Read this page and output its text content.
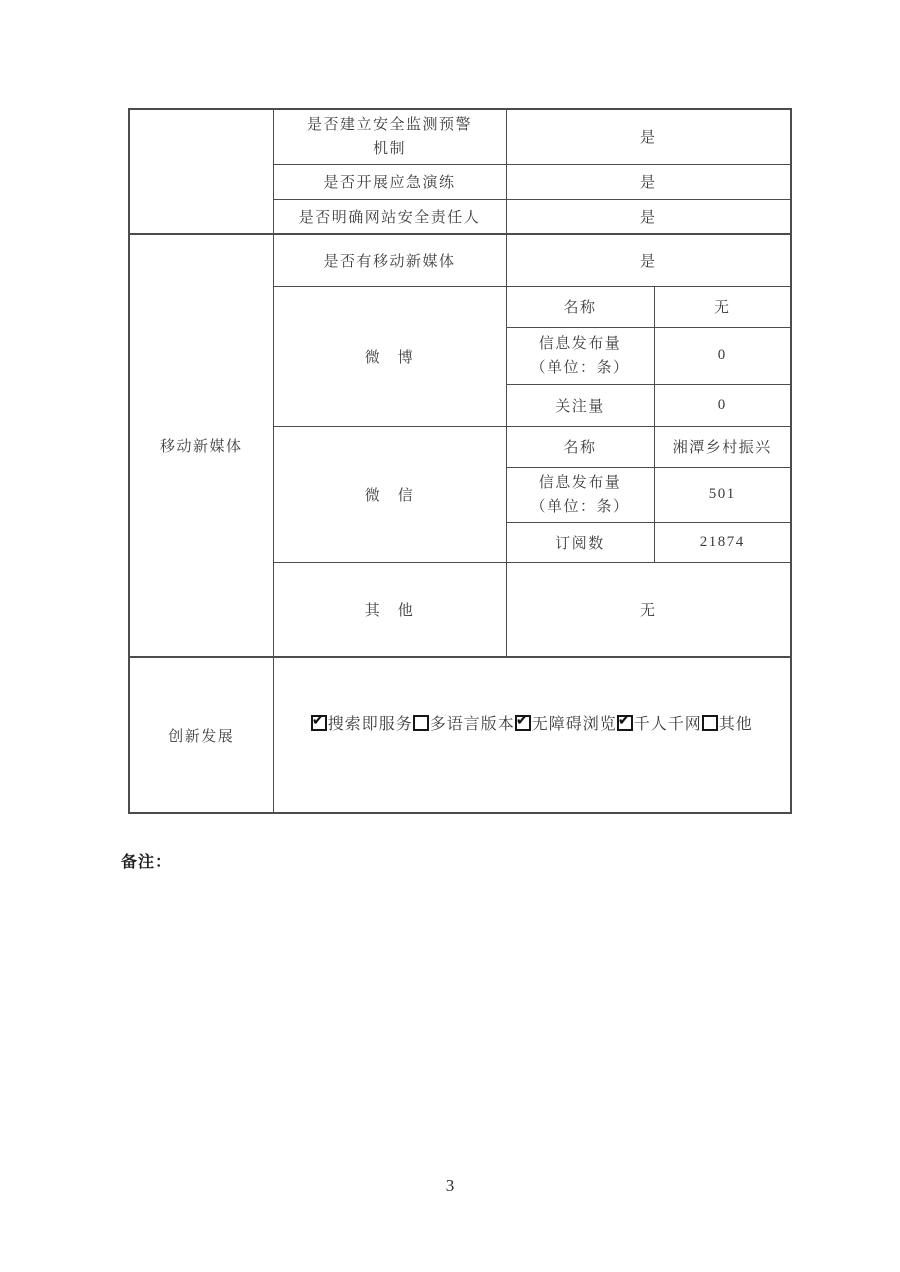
	是否建立安全监测预警
机制	是	
	是否开展应急演练	是	
	是否明确网站安全责任人	是	
移动新媒体	是否有移动新媒体	是	
	微　博	名称	无

		信息发布量
（单位：条）	0
		关注量	0
	微　信	名称	湘潭乡村振兴

		信息发布量
（单位：条）	501
		订阅数	21874
	其　他	无	
创新发展	✔搜索即服务 多语言版本 ✔ 无障碍浏览 ✔ 千人千网 其他
备注：
3
